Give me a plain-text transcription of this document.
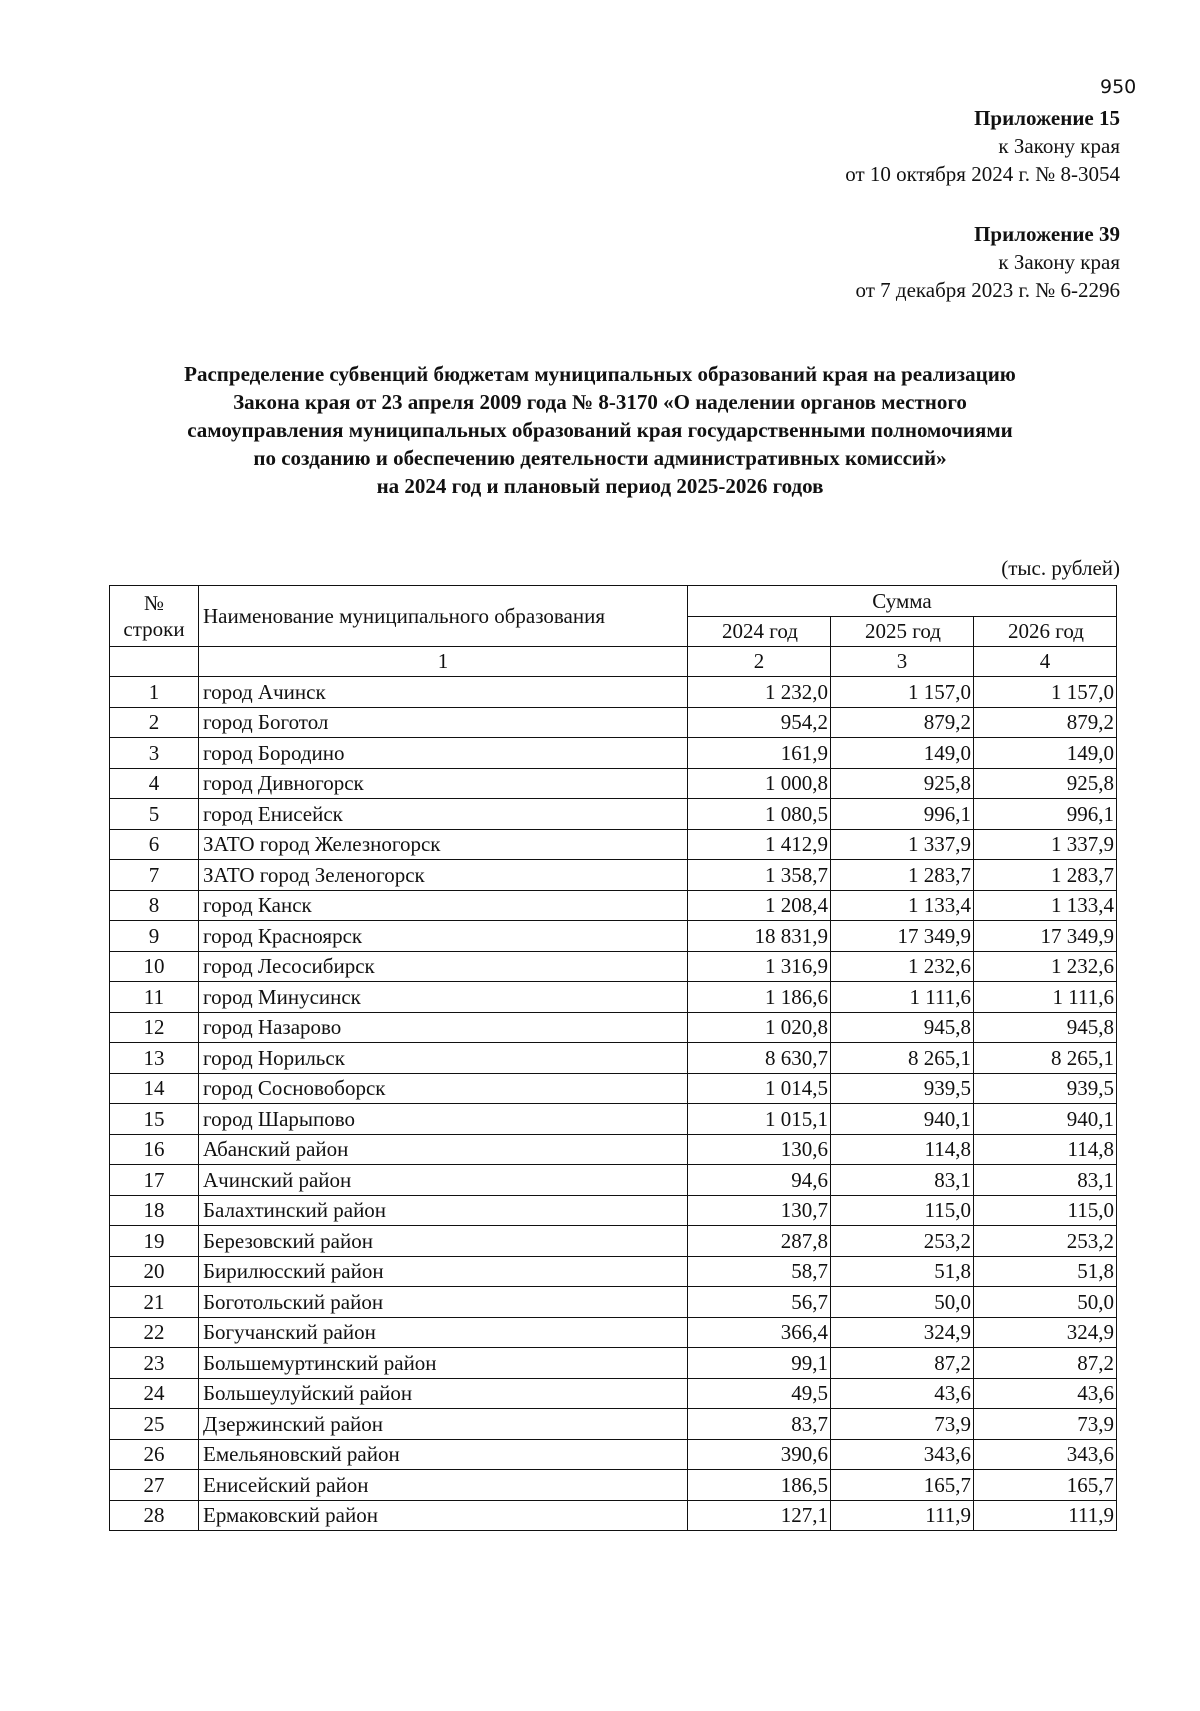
950
Приложение 15
к Закону края
от 10 октября 2024 г. № 8-3054
Приложение 39
к Закону края
от 7 декабря 2023 г. № 6-2296
Распределение субвенций бюджетам муниципальных образований края на реализацию
Закона края от 23 апреля 2009 года № 8-3170 «О наделении органов местного
самоуправления муниципальных образований края государственными полномочиями
по созданию и обеспечению деятельности административных комиссий»
на 2024 год и плановый период 2025-2026 годов
(тыс. рублей)
№ строки	Наименование муниципального образования	Сумма		
		2024 год	2025 год	2026 год
	1	2	3	4
1	город Ачинск	1 232,0	1 157,0	1 157,0
2	город Боготол	954,2	879,2	879,2
3	город Бородино	161,9	149,0	149,0
4	город Дивногорск	1 000,8	925,8	925,8
5	город Енисейск	1 080,5	996,1	996,1
6	ЗАТО город Железногорск	1 412,9	1 337,9	1 337,9
7	ЗАТО город Зеленогорск	1 358,7	1 283,7	1 283,7
8	город Канск	1 208,4	1 133,4	1 133,4
9	город Красноярск	18 831,9	17 349,9	17 349,9
10	город Лесосибирск	1 316,9	1 232,6	1 232,6
11	город Минусинск	1 186,6	1 111,6	1 111,6
12	город Назарово	1 020,8	945,8	945,8
13	город Норильск	8 630,7	8 265,1	8 265,1
14	город Сосновоборск	1 014,5	939,5	939,5
15	город Шарыпово	1 015,1	940,1	940,1
16	Абанский район	130,6	114,8	114,8
17	Ачинский район	94,6	83,1	83,1
18	Балахтинский район	130,7	115,0	115,0
19	Березовский район	287,8	253,2	253,2
20	Бирилюсский район	58,7	51,8	51,8
21	Боготольский район	56,7	50,0	50,0
22	Богучанский район	366,4	324,9	324,9
23	Большемуртинский район	99,1	87,2	87,2
24	Большеулуйский район	49,5	43,6	43,6
25	Дзержинский район	83,7	73,9	73,9
26	Емельяновский район	390,6	343,6	343,6
27	Енисейский район	186,5	165,7	165,7
28	Ермаковский район	127,1	111,9	111,9
